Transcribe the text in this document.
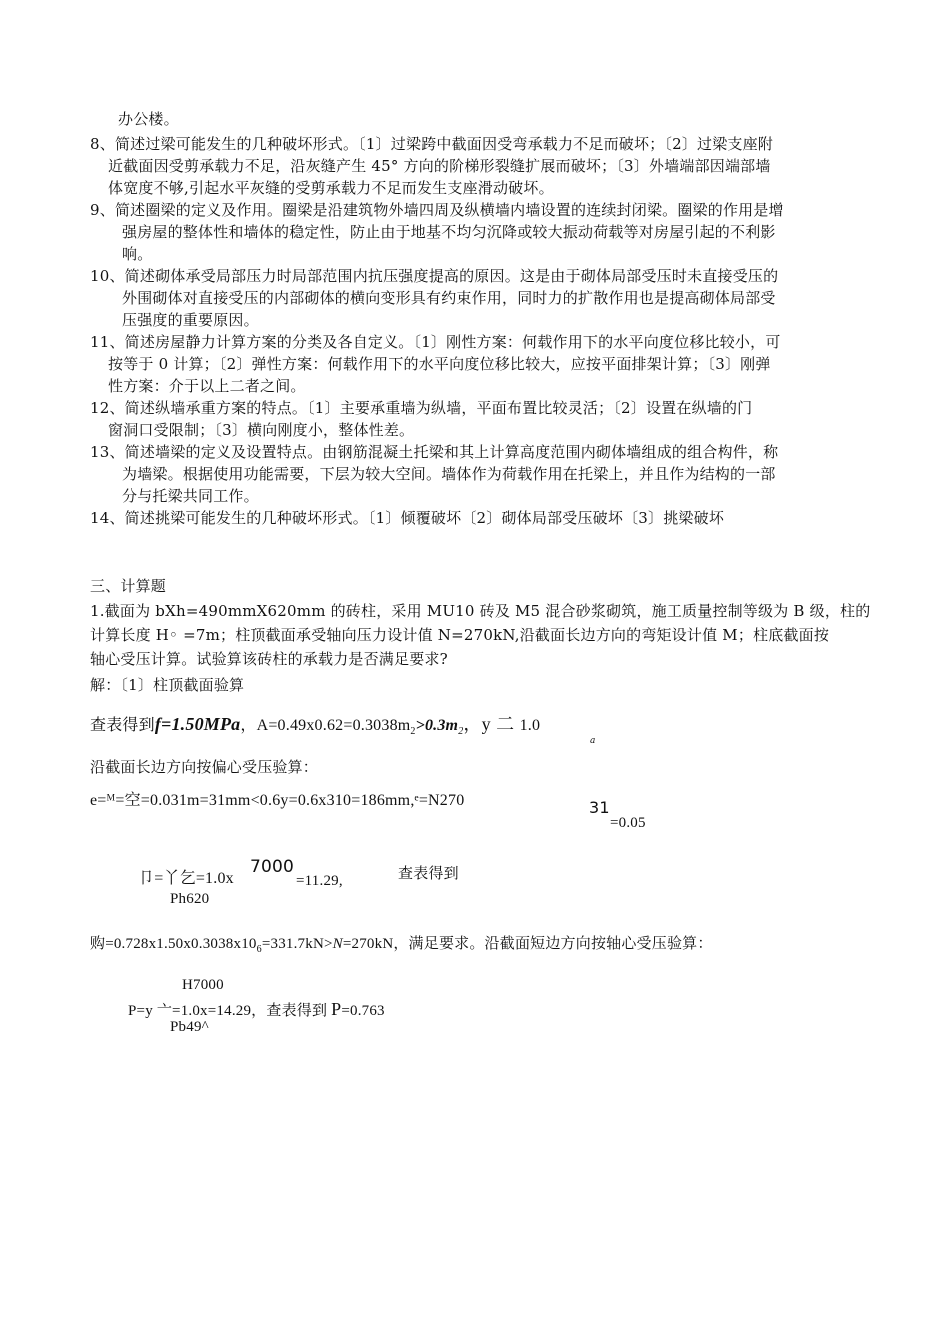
办公楼。
8、简述过梁可能发生的几种破坏形式。〔1〕过梁跨中截面因受弯承载力不足而破坏；〔2〕过梁支座附
近截面因受剪承载力不足，沿灰缝产生 45° 方向的阶梯形裂缝扩展而破坏；〔3〕外墙端部因端部墙
体宽度不够,引起水平灰缝的受剪承载力不足而发生支座滑动破坏。
9、简述圈梁的定义及作用。圈梁是沿建筑物外墙四周及纵横墙内墙设置的连续封闭梁。圈梁的作用是增
强房屋的整体性和墙体的稳定性，防止由于地基不均匀沉降或较大振动荷载等对房屋引起的不利影
响。
10、简述砌体承受局部压力时局部范围内抗压强度提高的原因。这是由于砌体局部受压时未直接受压的
外围砌体对直接受压的内部砌体的横向变形具有约束作用，同时力的扩散作用也是提高砌体局部受
压强度的重要原因。
11、简述房屋静力计算方案的分类及各自定义。〔1〕刚性方案：何载作用下的水平向度位移比较小，可
按等于 0 计算；〔2〕弹性方案：何载作用下的水平向度位移比较大，应按平面排架计算；〔3〕刚弹
性方案：介于以上二者之间。
12、简述纵墙承重方案的特点。〔1〕主要承重墙为纵墙，平面布置比较灵活；〔2〕设置在纵墙的门
窗洞口受限制；〔3〕横向刚度小，整体性差。
13、简述墙梁的定义及设置特点。由钢筋混凝土托梁和其上计算高度范围内砌体墙组成的组合构件，称
为墙梁。根据使用功能需要，下层为较大空间。墙体作为荷载作用在托梁上，并且作为结构的一部
分与托梁共同工作。
14、简述挑梁可能发生的几种破坏形式。〔1〕倾覆破坏〔2〕砌体局部受压破坏〔3〕挑梁破坏
三、计算题
1.截面为 bXh=490mmX620mm 的砖柱，采用 MU10 砖及 M5 混合砂浆砌筑，施工质量控制等级为 B 级，柱的
计算长度 H◦ =7m；柱顶截面承受轴向压力设计值 N=270kN,沿截面长边方向的弯矩设计值 M；柱底截面按
轴心受压计算。试验算该砖柱的承载力是否满足要求?
解：〔1〕柱顶截面验算
查表得到f=1.50MPa，$A=0.49x0.62=0.3038m_2>0.3m_2$，y 二 1.0
a
沿截面长边方向按偏心受压验算：
e=ᴹ=空=0.031m=31mm<0.6y=0.6x310=186mm,ᵉ=N270	31
=0.05
卩=丫乞=1.0x
7000
=11.29,	查表得到
Ph620
购$=0.728x1.50x0.3038x10_6=331.7kN>N=270kN$，满足要求。沿截面短边方向按轴心受压验算：
H7000
P=y 亠=1.0x=14.29，查表得到 P=0.763
Pb49^
